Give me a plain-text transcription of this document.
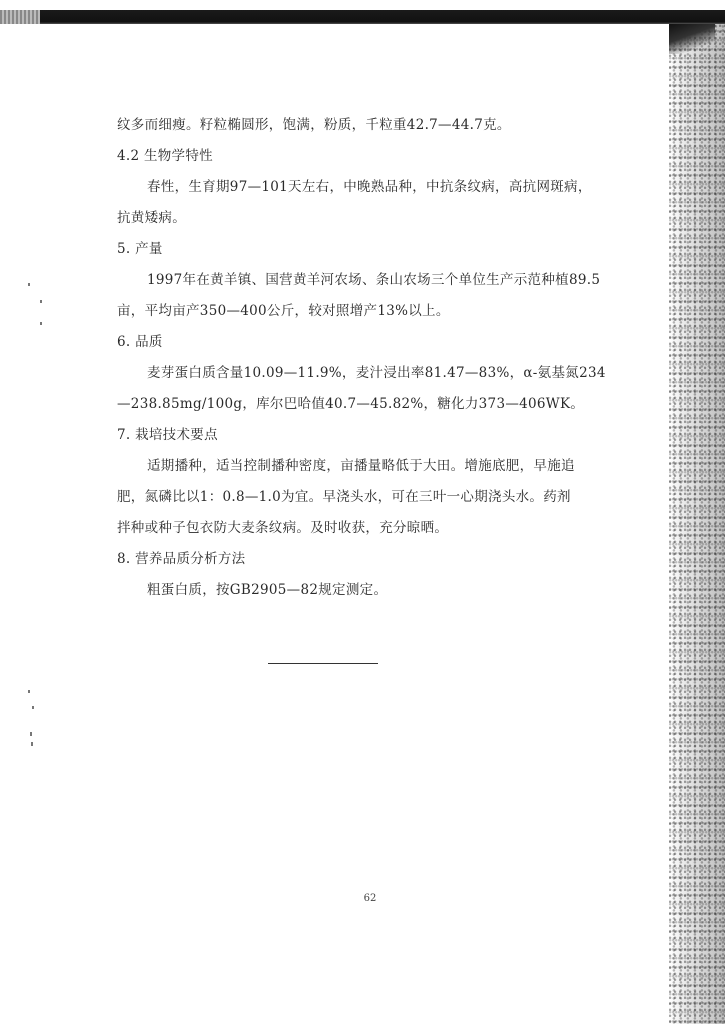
纹多而细瘦。籽粒椭圆形，饱满，粉质，千粒重42.7—44.7克。
4.2 生物学特性
春性，生育期97—101天左右，中晚熟品种，中抗条纹病，高抗网斑病，
抗黄矮病。
5. 产量
1997年在黄羊镇、国营黄羊河农场、条山农场三个单位生产示范种植89.5
亩，平均亩产350—400公斤，较对照增产13%以上。
6. 品质
麦芽蛋白质含量10.09—11.9%，麦汁浸出率81.47—83%，α-氨基氮234
—238.85mg/100g，库尔巴哈值40.7—45.82%，糖化力373—406WK。
7. 栽培技术要点
适期播种，适当控制播种密度，亩播量略低于大田。增施底肥，早施追
肥，氮磷比以1：0.8—1.0为宜。早浇头水，可在三叶一心期浇头水。药剂
拌种或种子包衣防大麦条纹病。及时收获，充分晾晒。
8. 营养品质分析方法
粗蛋白质，按GB2905—82规定测定。
62
